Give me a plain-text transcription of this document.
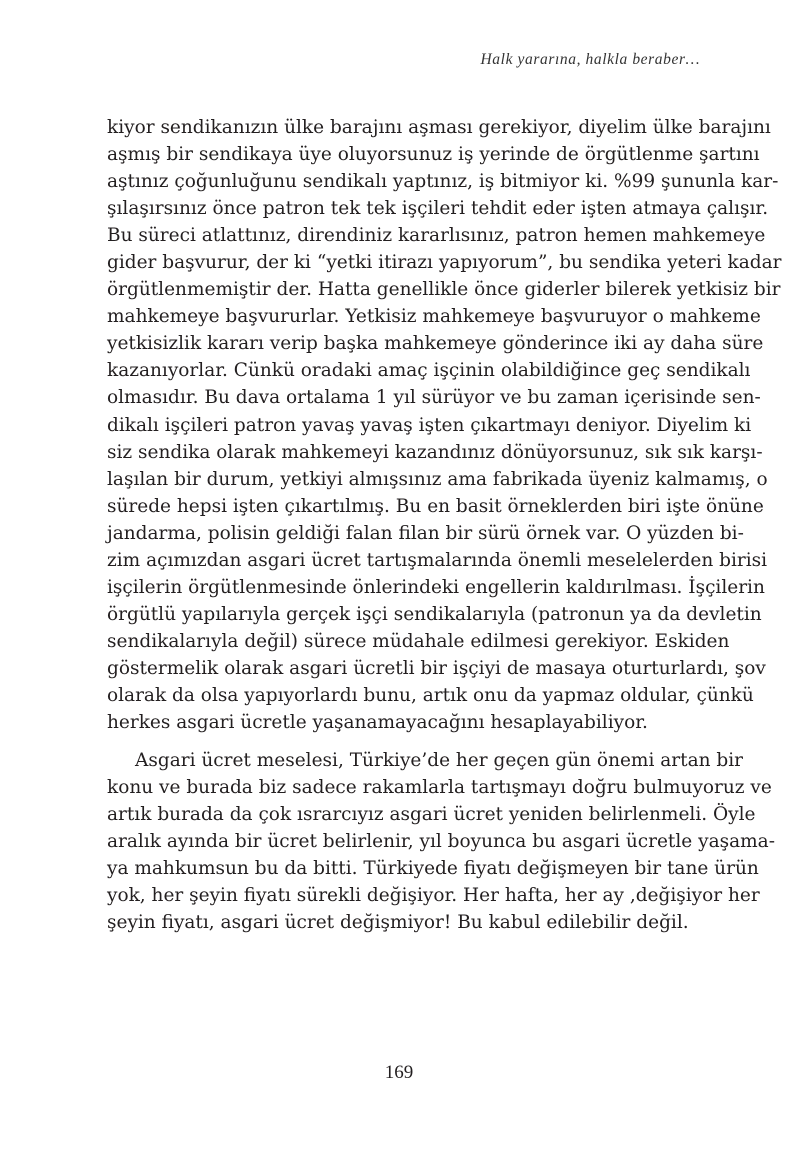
Halk yararına, halkla beraber…
kiyor sendikanızın ülke barajını aşması gerekiyor, diyelim ülke barajını
aşmış bir sendikaya üye oluyorsunuz iş yerinde de örgütlenme şartını
aştınız çoğunluğunu sendikalı yaptınız, iş bitmiyor ki. %99 şununla kar-
şılaşırsınız önce patron tek tek işçileri tehdit eder işten atmaya çalışır.
Bu süreci atlattınız, direndiniz kararlısınız, patron hemen mahkemeye
gider başvurur, der ki “yetki itirazı yapıyorum”, bu sendika yeteri kadar
örgütlenmemiştir der. Hatta genellikle önce giderler bilerek yetkisiz bir
mahkemeye başvururlar. Yetkisiz mahkemeye başvuruyor o mahkeme
yetkisizlik kararı verip başka mahkemeye gönderince iki ay daha süre
kazanıyorlar. Cünkü oradaki amaç işçinin olabildiğince geç sendikalı
olmasıdır. Bu dava ortalama 1 yıl sürüyor ve bu zaman içerisinde sen-
dikalı işçileri patron yavaş yavaş işten çıkartmayı deniyor. Diyelim ki
siz sendika olarak mahkemeyi kazandınız dönüyorsunuz, sık sık karşı-
laşılan bir durum, yetkiyi almışsınız ama fabrikada üyeniz kalmamış, o
sürede hepsi işten çıkartılmış. Bu en basit örneklerden biri işte önüne
jandarma, polisin geldiği falan filan bir sürü örnek var. O yüzden bi-
zim açımızdan asgari ücret tartışmalarında önemli meselelerden birisi
işçilerin örgütlenmesinde önlerindeki engellerin kaldırılması. İşçilerin
örgütlü yapılarıyla gerçek işçi sendikalarıyla (patronun ya da devletin
sendikalarıyla değil) sürece müdahale edilmesi gerekiyor. Eskiden
göstermelik olarak asgari ücretli bir işçiyi de masaya oturturlardı, şov
olarak da olsa yapıyorlardı bunu, artık onu da yapmaz oldular, çünkü
herkes asgari ücretle yaşanamayacağını hesaplayabiliyor.
Asgari ücret meselesi, Türkiye’de her geçen gün önemi artan bir
konu ve burada biz sadece rakamlarla tartışmayı doğru bulmuyoruz ve
artık burada da çok ısrarcıyız asgari ücret yeniden belirlenmeli. Öyle
aralık ayında bir ücret belirlenir, yıl boyunca bu asgari ücretle yaşama-
ya mahkumsun bu da bitti. Türkiyede fiyatı değişmeyen bir tane ürün
yok, her şeyin fiyatı sürekli değişiyor. Her hafta, her ay ,değişiyor her
şeyin fiyatı, asgari ücret değişmiyor! Bu kabul edilebilir değil.
169
